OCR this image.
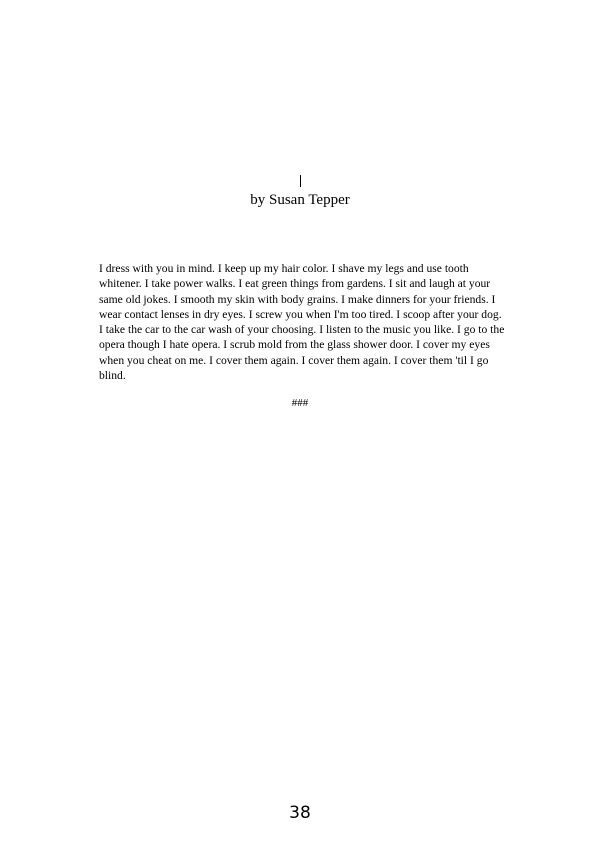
by Susan Tepper

I dress with you in mind. I keep up my hair color. I shave my legs and use tooth whitener. I take power walks. I eat green things from gardens. I sit and laugh at your same old jokes. I smooth my skin with body grains. I make dinners for your friends. I wear contact lenses in dry eyes. I screw you when I'm too tired. I scoop after your dog. I take the car to the car wash of your choosing. I listen to the music you like. I go to the opera though I hate opera. I scrub mold from the glass shower door. I cover my eyes when you cheat on me. I cover them again. I cover them again. I cover them 'til I go blind.

###
38
